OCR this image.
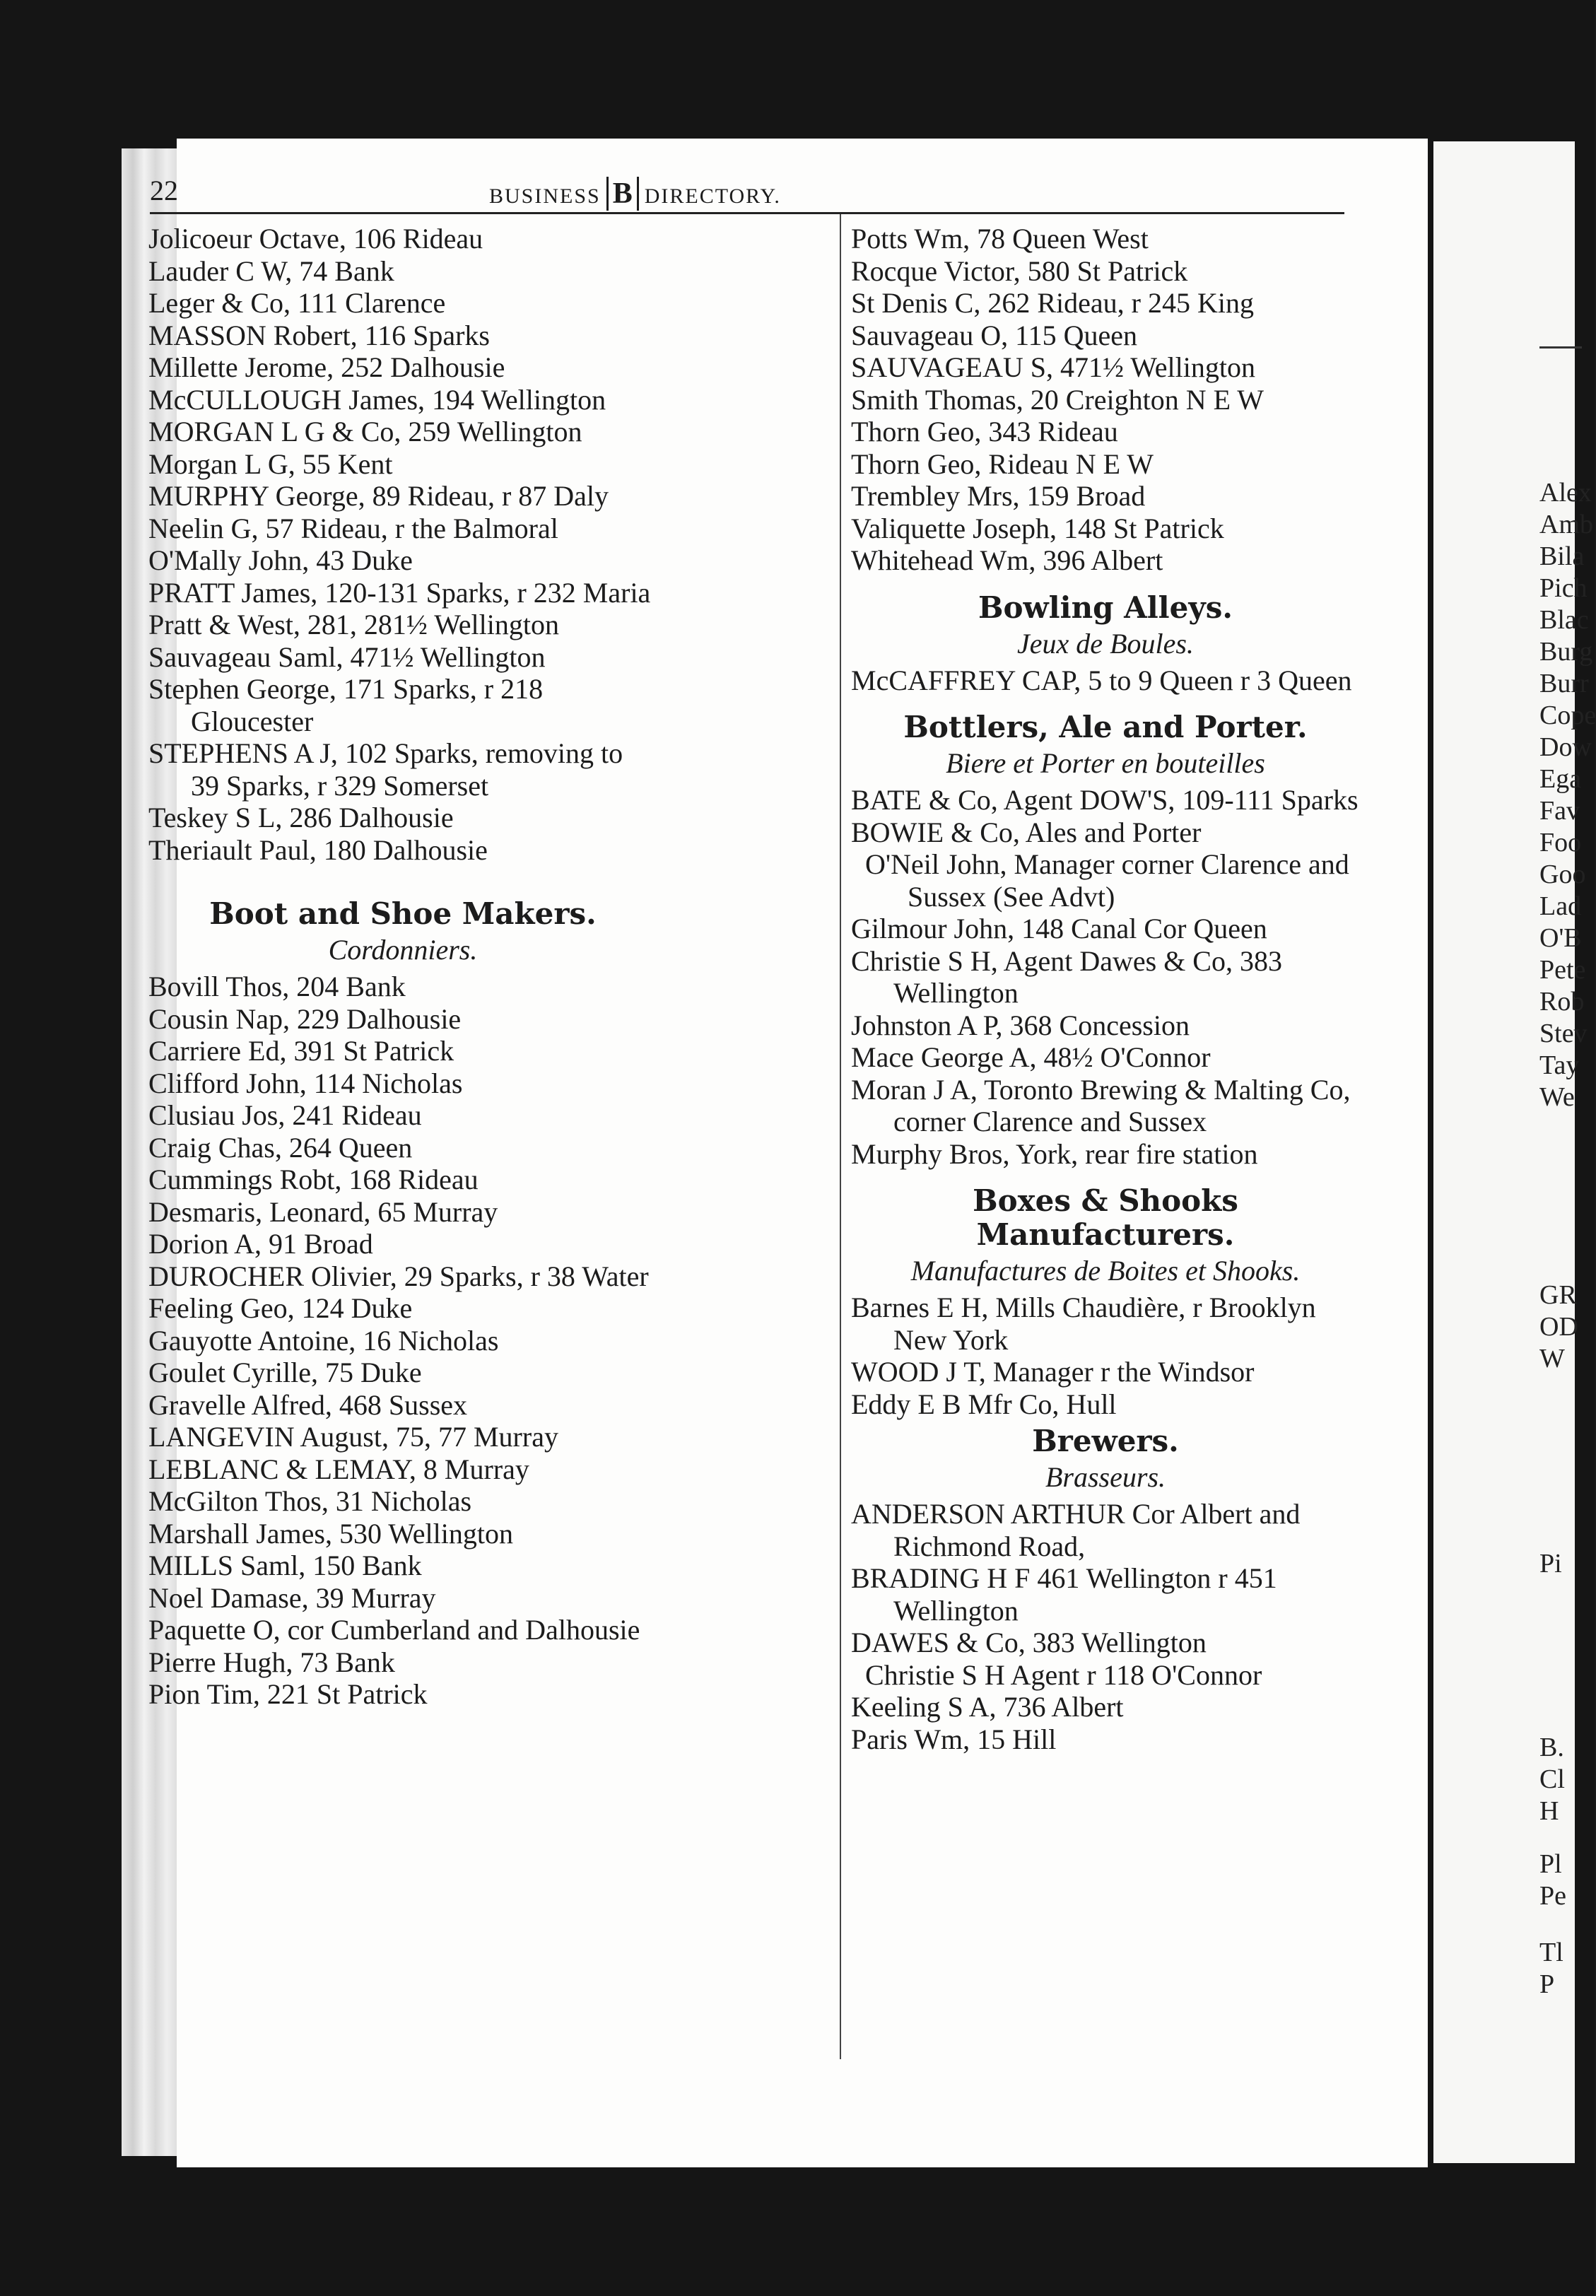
22	BUSINESS B DIRECTORY.

Jolicoeur Octave, 106 Rideau

Lauder C W, 74 Bank

Leger & Co, 111 Clarence

MASSON Robert, 116 Sparks

Millette Jerome, 252 Dalhousie

McCULLOUGH James, 194 Wellington

MORGAN L G & Co, 259 Wellington

Morgan L G, 55 Kent

MURPHY George, 89 Rideau, r 87 Daly

Neelin G, 57 Rideau, r the Balmoral

O'Mally John, 43 Duke

PRATT James, 120-131 Sparks, r 232 Maria

Pratt & West, 281, 281½ Wellington

Sauvageau Saml, 471½ Wellington

Stephen George, 171 Sparks, r 218 Gloucester

STEPHENS A J, 102 Sparks, removing to 39 Sparks, r 329 Somerset

Teskey S L, 286 Dalhousie

Theriault Paul, 180 Dalhousie

Boot and Shoe Makers.

Cordonniers.

Bovill Thos, 204 Bank

Cousin Nap, 229 Dalhousie

Carriere Ed, 391 St Patrick

Clifford John, 114 Nicholas

Clusiau Jos, 241 Rideau

Craig Chas, 264 Queen

Cummings Robt, 168 Rideau

Desmaris, Leonard, 65 Murray

Dorion A, 91 Broad

DUROCHER Olivier, 29 Sparks, r 38 Water

Feeling Geo, 124 Duke

Gauyotte Antoine, 16 Nicholas

Goulet Cyrille, 75 Duke

Gravelle Alfred, 468 Sussex

LANGEVIN August, 75, 77 Murray

LEBLANC & LEMAY, 8 Murray

McGilton Thos, 31 Nicholas

Marshall James, 530 Wellington

MILLS Saml, 150 Bank

Noel Damase, 39 Murray

Paquette O, cor Cumberland and Dalhousie

Pierre Hugh, 73 Bank

Pion Tim, 221 St Patrick

Potts Wm, 78 Queen West

Rocque Victor, 580 St Patrick

St Denis C, 262 Rideau, r 245 King

Sauvageau O, 115 Queen

SAUVAGEAU S, 471½ Wellington

Smith Thomas, 20 Creighton N E W

Thorn Geo, 343 Rideau

Thorn Geo, Rideau N E W

Trembley Mrs, 159 Broad

Valiquette Joseph, 148 St Patrick

Whitehead Wm, 396 Albert

Bowling Alleys.

Jeux de Boules.

McCAFFREY CAP, 5 to 9 Queen r 3 Queen

Bottlers, Ale and Porter.

Biere et Porter en bouteilles

BATE & Co, Agent DOW'S, 109-111 Sparks

BOWIE & Co, Ales and Porter

O'Neil John, Manager corner Clarence and Sussex (See Advt)

Gilmour John, 148 Canal Cor Queen

Christie S H, Agent Dawes & Co, 383 Wellington

Johnston A P, 368 Concession

Mace George A, 48½ O'Connor

Moran J A, Toronto Brewing & Malting Co, corner Clarence and Sussex

Murphy Bros, York, rear fire station

Boxes & Shooks Manufacturers.

Manufactures de Boites et Shooks.

Barnes E H, Mills Chaudière, r Brooklyn New York

WOOD J T, Manager r the Windsor

Eddy E B Mfr Co, Hull

Brewers.

Brasseurs.

ANDERSON ARTHUR Cor Albert and Richmond Road,

BRADING H F 461 Wellington r 451 Wellington

DAWES & Co, 383 Wellington

Christie S H Agent r 118 O'Connor

Keeling S A, 736 Albert

Paris Wm, 15 Hill

Alex
Amb
Bila
Pich
Blac
Burg
Burr
Cope
Dow
Ega
Fav
Foo
Goo
Lad
O'B
Pete
Rob
Stev
Tay
We
GR
OD
W
Pi
B.
Cl
H
Pl
Pe
Tl
P
